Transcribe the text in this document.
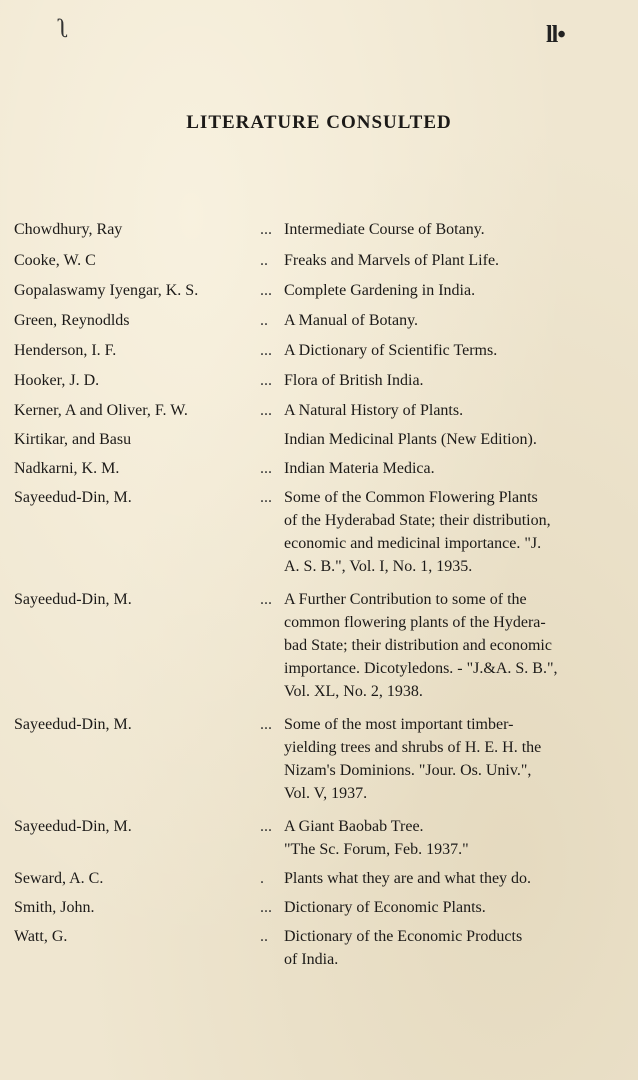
ʅ	ll•
LITERATURE CONSULTED
Chowdhury, Ray	... Intermediate Course of Botany.
Cooke, W. C	..	Freaks and Marvels of Plant Life.
Gopalaswamy Iyengar, K. S.	... Complete Gardening in India.
Green, Reynodlds	..	A Manual of Botany.
Henderson, I. F.	... A Dictionary of Scientific Terms.
Hooker, J. D.	... Flora of British India.
Kerner, A and Oliver, F. W.	... A Natural History of Plants.
Kirtikar, and Basu	Indian Medicinal Plants (New Edition).
Nadkarni, K. M.	... Indian Materia Medica.
Sayeedud-Din, M.	... Some of the Common Flowering Plants
of the Hyderabad State; their distribution,
economic and medicinal importance. "J.
A. S. B.", Vol. I, No. 1, 1935.
Sayeedud-Din, M.	... A Further Contribution to some of the
common flowering plants of the Hydera-
bad State; their distribution and economic
importance. Dicotyledons. - "J.&A. S. B.",
Vol. XL, No. 2, 1938.
Sayeedud-Din, M.	... Some of the most important timber-
yielding trees and shrubs of H. E. H. the
Nizam's Dominions. "Jour. Os. Univ.",
Vol. V, 1937.
Sayeedud-Din, M.	... A Giant Baobab Tree.
"The Sc. Forum, Feb. 1937."
Seward, A. C.	.	Plants what they are and what they do.
Smith, John.	... Dictionary of Economic Plants.
Watt, G.	..	Dictionary of the Economic Products
of India.
